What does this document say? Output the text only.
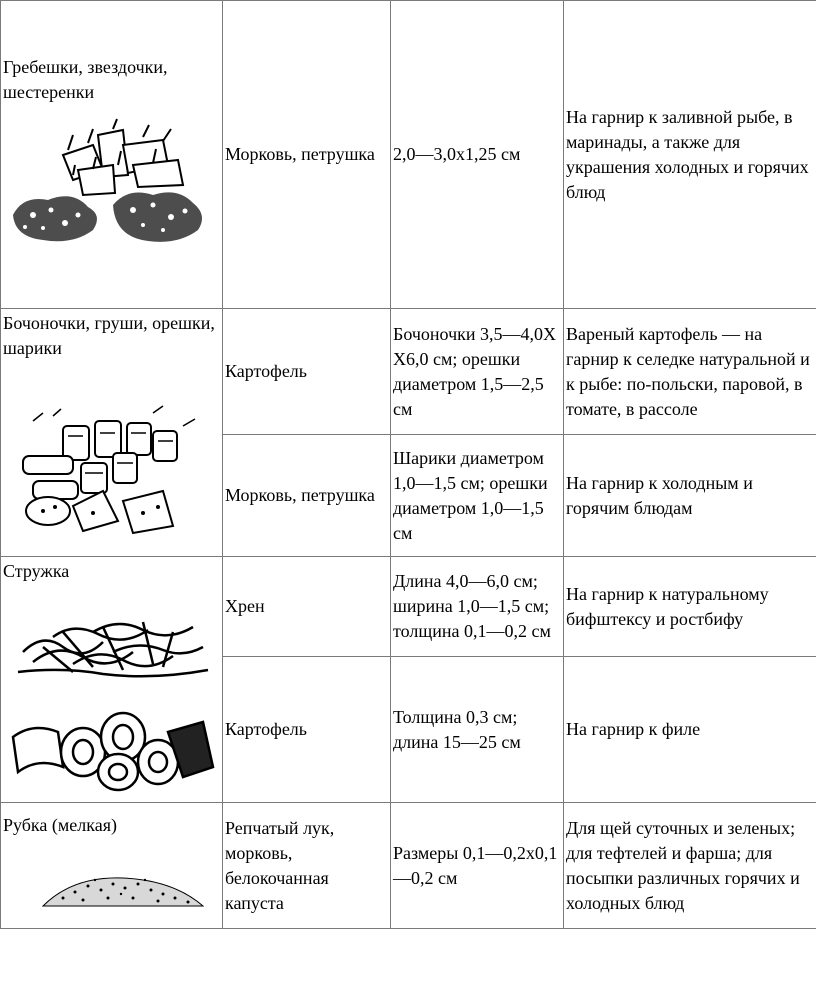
Гребешки, звездочки, шестеренки	Морковь, петрушка	2,0—3,0x1,25 см	На гарнир к заливной рыбе, в маринады, а также для украшения холодных и горячих блюд

Бочоночки, груши, орешки, шарики	Картофель	Бочоночки 3,5—4,0Х Х6,0 см; орешки диаметром 1,5—2,5 см	Вареный картофель — на гарнир к селедке натуральной и к рыбе: по-польски, паровой, в томате, в рассоле
	Морковь, петрушка	Шарики диаметром 1,0—1,5 см; орешки диаметром 1,0—1,5 см	На гарнир к холодным и горячим блюдам

Стружка	Хрен	Длина 4,0—6,0 см; ширина 1,0—1,5 см; толщина 0,1—0,2 см	На гарнир к натуральному бифштексу и ростбифу
	Картофель	Толщина 0,3 см; длина 15—25 см	На гарнир к филе

Рубка (мелкая)	Репчатый лук, морковь, белокочанная капуста	Размеры 0,1—0,2х0,1—0,2 см	Для щей суточных и зеленых; для тефтелей и фарша; для посыпки различных горячих и холодных блюд
